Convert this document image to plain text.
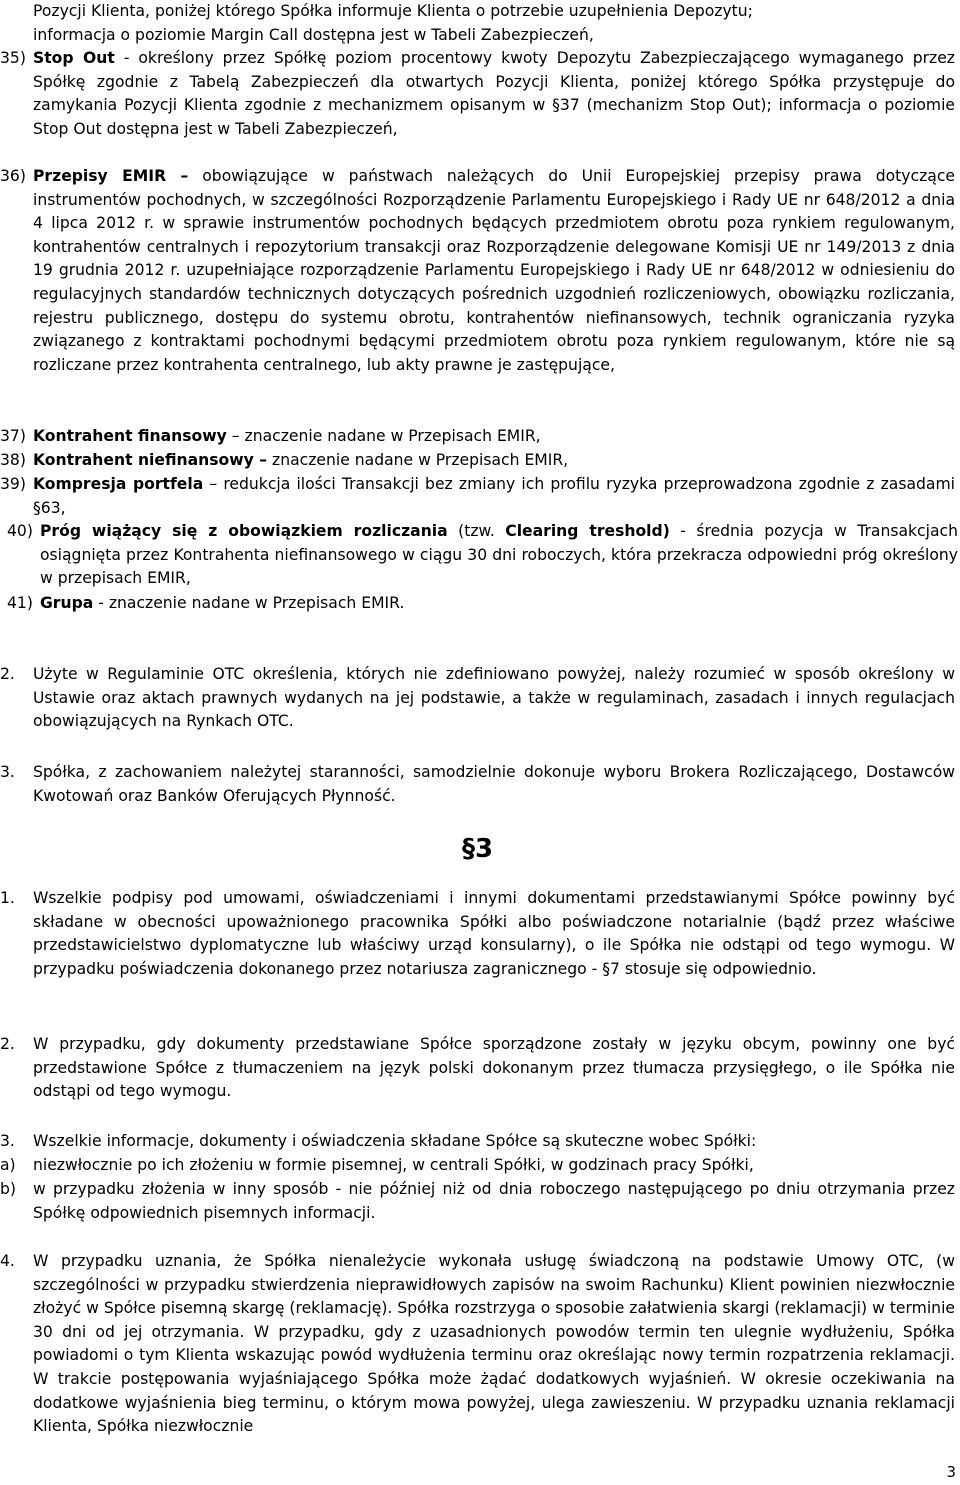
Pozycji Klienta, poniżej którego Spółka informuje Klienta o potrzebie uzupełnienia Depozytu;
informacja o poziomie Margin Call dostępna jest w Tabeli Zabezpieczeń,
35) Stop Out - określony przez Spółkę poziom procentowy kwoty Depozytu Zabezpieczającego wymaganego przez Spółkę zgodnie z Tabelą Zabezpieczeń dla otwartych Pozycji Klienta, poniżej którego Spółka przystępuje do zamykania Pozycji Klienta zgodnie z mechanizmem opisanym w §37 (mechanizm Stop Out); informacja o poziomie Stop Out dostępna jest w Tabeli Zabezpieczeń,
36) Przepisy EMIR – obowiązujące w państwach należących do Unii Europejskiej przepisy prawa dotyczące instrumentów pochodnych, w szczególności Rozporządzenie Parlamentu Europejskiego i Rady UE nr 648/2012 a dnia 4 lipca 2012 r. w sprawie instrumentów pochodnych będących przedmiotem obrotu poza rynkiem regulowanym, kontrahentów centralnych i repozytorium transakcji oraz Rozporządzenie delegowane Komisji UE nr 149/2013 z dnia 19 grudnia 2012 r. uzupełniające rozporządzenie Parlamentu Europejskiego i Rady UE nr 648/2012 w odniesieniu do regulacyjnych standardów technicznych dotyczących pośrednich uzgodnień rozliczeniowych, obowiązku rozliczania, rejestru publicznego, dostępu do systemu obrotu, kontrahentów niefinansowych, technik ograniczania ryzyka związanego z kontraktami pochodnymi będącymi przedmiotem obrotu poza rynkiem regulowanym, które nie są rozliczane przez kontrahenta centralnego, lub akty prawne je zastępujące,
37) Kontrahent finansowy – znaczenie nadane w Przepisach EMIR,
38) Kontrahent niefinansowy – znaczenie nadane w Przepisach EMIR,
39) Kompresja portfela – redukcja ilości Transakcji bez zmiany ich profilu ryzyka przeprowadzona zgodnie z zasadami §63,
40) Próg wiążący się z obowiązkiem rozliczania (tzw. Clearing treshold) - średnia pozycja w Transakcjach osiągnięta przez Kontrahenta niefinansowego w ciągu 30 dni roboczych, która przekracza odpowiedni próg określony w przepisach EMIR,
41) Grupa - znaczenie nadane w Przepisach EMIR.
2. Użyte w Regulaminie OTC określenia, których nie zdefiniowano powyżej, należy rozumieć w sposób określony w Ustawie oraz aktach prawnych wydanych na jej podstawie, a także w regulaminach, zasadach i innych regulacjach obowiązujących na Rynkach OTC.
3. Spółka, z zachowaniem należytej staranności, samodzielnie dokonuje wyboru Brokera Rozliczającego, Dostawców Kwotowań oraz Banków Oferujących Płynność.
§3
1. Wszelkie podpisy pod umowami, oświadczeniami i innymi dokumentami przedstawianymi Spółce powinny być składane w obecności upoważnionego pracownika Spółki albo poświadczone notarialnie (bądź przez właściwe przedstawicielstwo dyplomatyczne lub właściwy urząd konsularny), o ile Spółka nie odstąpi od tego wymogu. W przypadku poświadczenia dokonanego przez notariusza zagranicznego - §7 stosuje się odpowiednio.
2. W przypadku, gdy dokumenty przedstawiane Spółce sporządzone zostały w języku obcym, powinny one być przedstawione Spółce z tłumaczeniem na język polski dokonanym przez tłumacza przysięgłego, o ile Spółka nie odstąpi od tego wymogu.
3. Wszelkie informacje, dokumenty i oświadczenia składane Spółce są skuteczne wobec Spółki:
a) niezwłocznie po ich złożeniu w formie pisemnej, w centrali Spółki, w godzinach pracy Spółki,
b) w przypadku złożenia w inny sposób - nie później niż od dnia roboczego następującego po dniu otrzymania przez Spółkę odpowiednich pisemnych informacji.
4. W przypadku uznania, że Spółka nienależycie wykonała usługę świadczoną na podstawie Umowy OTC, (w szczególności w przypadku stwierdzenia nieprawidłowych zapisów na swoim Rachunku) Klient powinien niezwłocznie złożyć w Spółce pisemną skargę (reklamację). Spółka rozstrzyga o sposobie załatwienia skargi (reklamacji) w terminie 30 dni od jej otrzymania. W przypadku, gdy z uzasadnionych powodów termin ten ulegnie wydłużeniu, Spółka powiadomi o tym Klienta wskazując powód wydłużenia terminu oraz określając nowy termin rozpatrzenia reklamacji. W trakcie postępowania wyjaśniającego Spółka może żądać dodatkowych wyjaśnień. W okresie oczekiwania na dodatkowe wyjaśnienia bieg terminu, o którym mowa powyżej, ulega zawieszeniu. W przypadku uznania reklamacji Klienta, Spółka niezwłocznie
3
